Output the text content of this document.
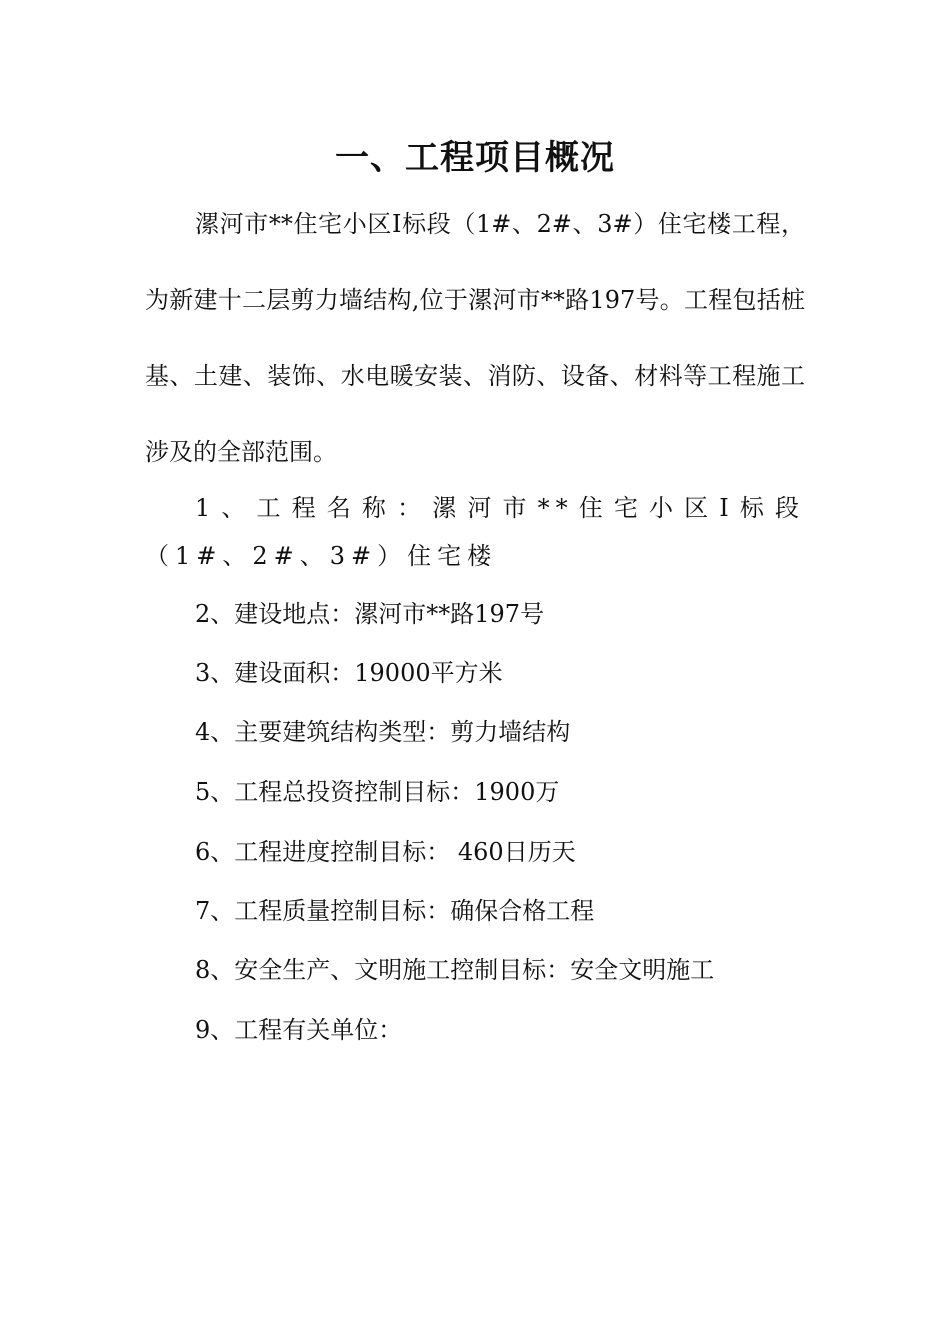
一、工程项目概况

漯河市**住宅小区Ⅰ标段（1#、2#、3#）住宅楼工程，为新建十二层剪力墙结构,位于漯河市**路197号。工程包括桩基、土建、装饰、水电暖安装、消防、设备、材料等工程施工涉及的全部范围。

1、工程名称：漯河市**住宅小区Ⅰ标段（1#、2#、3#）住宅楼

2、建设地点：漯河市**路197号

3、建设面积：19000平方米

4、主要建筑结构类型：剪力墙结构

5、工程总投资控制目标：1900万

6、工程进度控制目标： 460日历天

7、工程质量控制目标：确保合格工程

8、安全生产、文明施工控制目标：安全文明施工

9、工程有关单位：
